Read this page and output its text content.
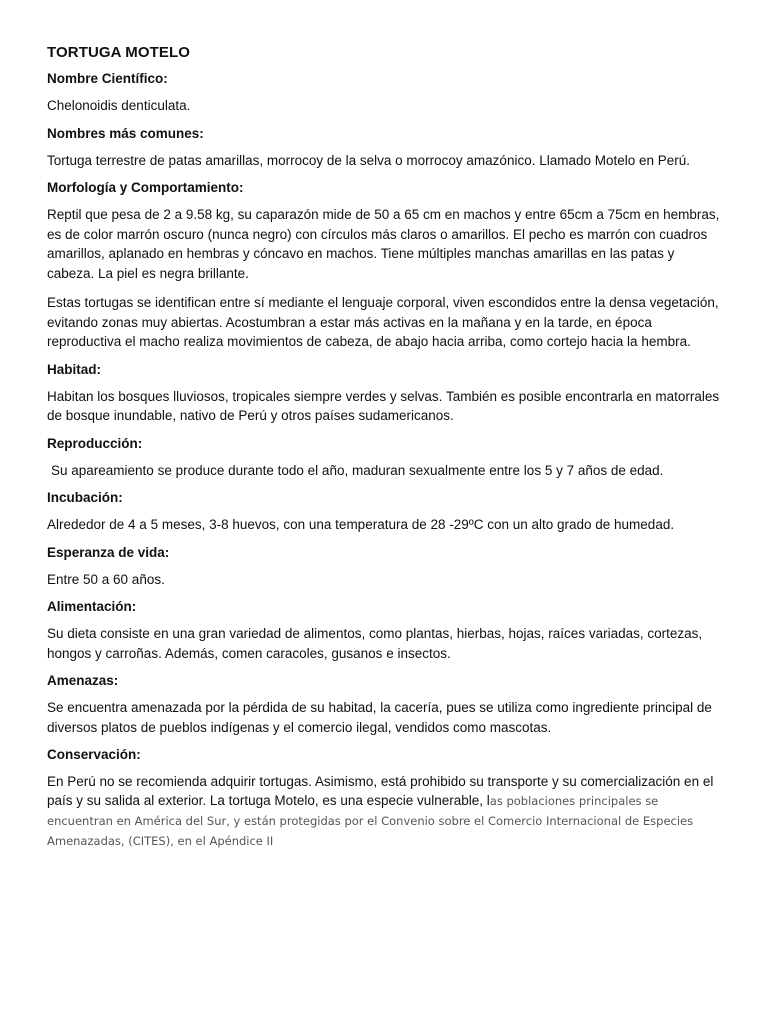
TORTUGA MOTELO
Nombre Científico:

Chelonoidis denticulata.

Nombres más comunes:

Tortuga terrestre de patas amarillas, morrocoy de la selva o morrocoy amazónico. Llamado Motelo en Perú.

Morfología y Comportamiento:

Reptil que pesa de 2 a 9.58 kg, su caparazón mide de 50 a 65 cm en machos y entre 65cm a 75cm en hembras, es de color marrón oscuro (nunca negro) con círculos más claros o amarillos. El pecho es marrón con cuadros amarillos, aplanado en hembras y cóncavo en machos. Tiene múltiples manchas amarillas en las patas y cabeza. La piel es negra brillante.

Estas tortugas se identifican entre sí mediante el lenguaje corporal, viven escondidos entre la densa vegetación, evitando zonas muy abiertas. Acostumbran a estar más activas en la mañana y en la tarde, en época reproductiva el macho realiza movimientos de cabeza, de abajo hacia arriba, como cortejo hacia la hembra.

Habitad:

Habitan los bosques lluviosos, tropicales siempre verdes y selvas. También es posible encontrarla en matorrales de bosque inundable, nativo de Perú y otros países sudamericanos.

Reproducción:

Su apareamiento se produce durante todo el año, maduran sexualmente entre los 5 y 7 años de edad.

Incubación:

Alrededor de 4 a 5 meses, 3-8 huevos, con una temperatura de 28 -29ºC con un alto grado de humedad.

Esperanza de vida:

Entre 50 a 60 años.

Alimentación:

Su dieta consiste en una gran variedad de alimentos, como plantas, hierbas, hojas, raíces variadas, cortezas, hongos y carroñas. Además, comen caracoles, gusanos e insectos.

Amenazas:

Se encuentra amenazada por la pérdida de su habitad, la cacería, pues se utiliza como ingrediente principal de diversos platos de pueblos indígenas y el comercio ilegal, vendidos como mascotas.

Conservación:

En Perú no se recomienda adquirir tortugas. Asimismo, está prohibido su transporte y su comercialización en el país y su salida al exterior. La tortuga Motelo, es una especie vulnerable, las poblaciones principales se encuentran en América del Sur, y están protegidas por el Convenio sobre el Comercio Internacional de Especies Amenazadas, (CITES), en el Apéndice II
